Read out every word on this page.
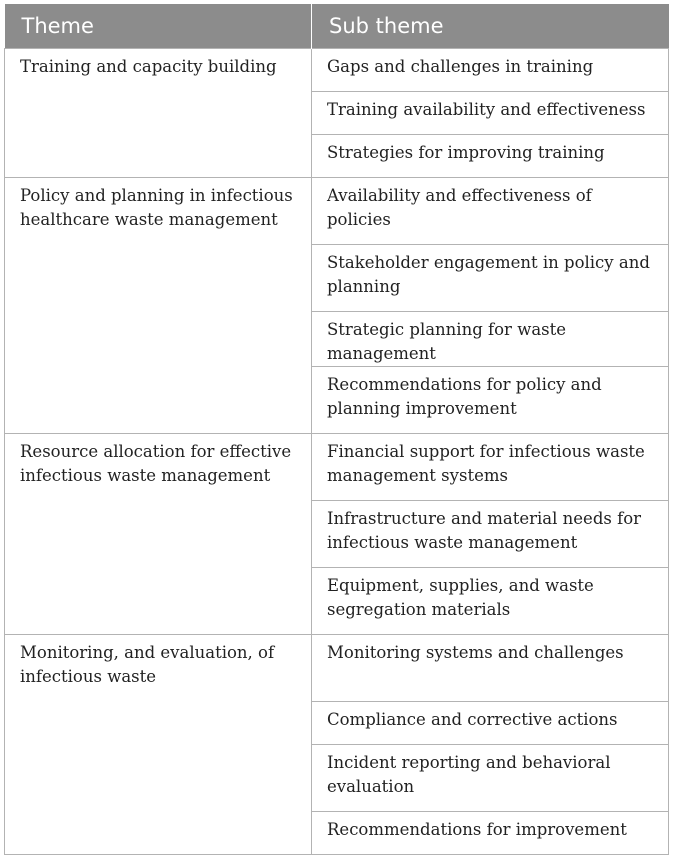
Theme	Sub theme
Training and capacity building	Gaps and challenges in training
	Training availability and effectiveness
	Strategies for improving training
Policy and planning in infectious healthcare waste management	Availability and effectiveness of policies
	Stakeholder engagement in policy and planning
	Strategic planning for waste management
	Recommendations for policy and planning improvement
Resource allocation for effective infectious waste management	Financial support for infectious waste management systems
	Infrastructure and material needs for infectious waste management
	Equipment, supplies, and waste segregation materials
Monitoring, and evaluation, of infectious waste	Monitoring systems and challenges
	Compliance and corrective actions
	Incident reporting and behavioral evaluation
	Recommendations for improvement
